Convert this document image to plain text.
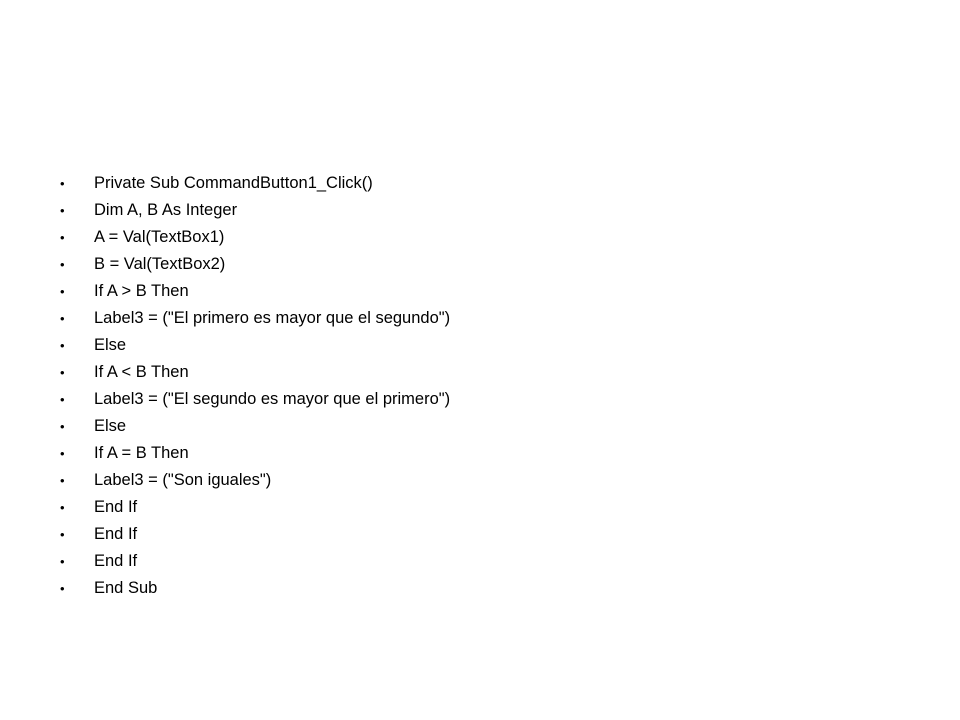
•	Private Sub CommandButton1_Click()
•	Dim A, B As Integer
•	A = Val(TextBox1)
•	B = Val(TextBox2)
•	If A > B Then
•	Label3 = ("El primero es mayor que el segundo")
•	Else
•	If A < B Then
•	Label3 = ("El segundo es mayor que el primero")
•	Else
•	If A = B Then
•	Label3 = ("Son iguales")
•	End If
•	End If
•	End If
•	End Sub
